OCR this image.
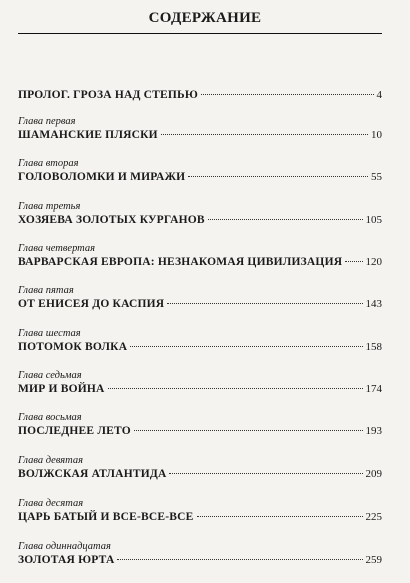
СОДЕРЖАНИЕ
ПРОЛОГ. ГРОЗА НАД СТЕПЬЮ	4
Глава первая
ШАМАНСКИЕ ПЛЯСКИ	10
Глава вторая
ГОЛОВОЛОМКИ И МИРАЖИ	55
Глава третья
ХОЗЯЕВА ЗОЛОТЫХ КУРГАНОВ	105
Глава четвертая
ВАРВАРСКАЯ ЕВРОПА: НЕЗНАКОМАЯ ЦИВИЛИЗАЦИЯ 120
Глава пятая
ОТ ЕНИСЕЯ ДО КАСПИЯ	143
Глава шестая
ПОТОМОК ВОЛКА	158
Глава седьмая
МИР И ВОЙНА	174
Глава восьмая
ПОСЛЕДНЕЕ ЛЕТО	193
Глава девятая
ВОЛЖСКАЯ АТЛАНТИДА	209
Глава десятая
ЦАРЬ БАТЫЙ И ВСЕ-ВСЕ-ВСЕ	225
Глава одиннадцатая
ЗОЛОТАЯ ЮРТА	259
